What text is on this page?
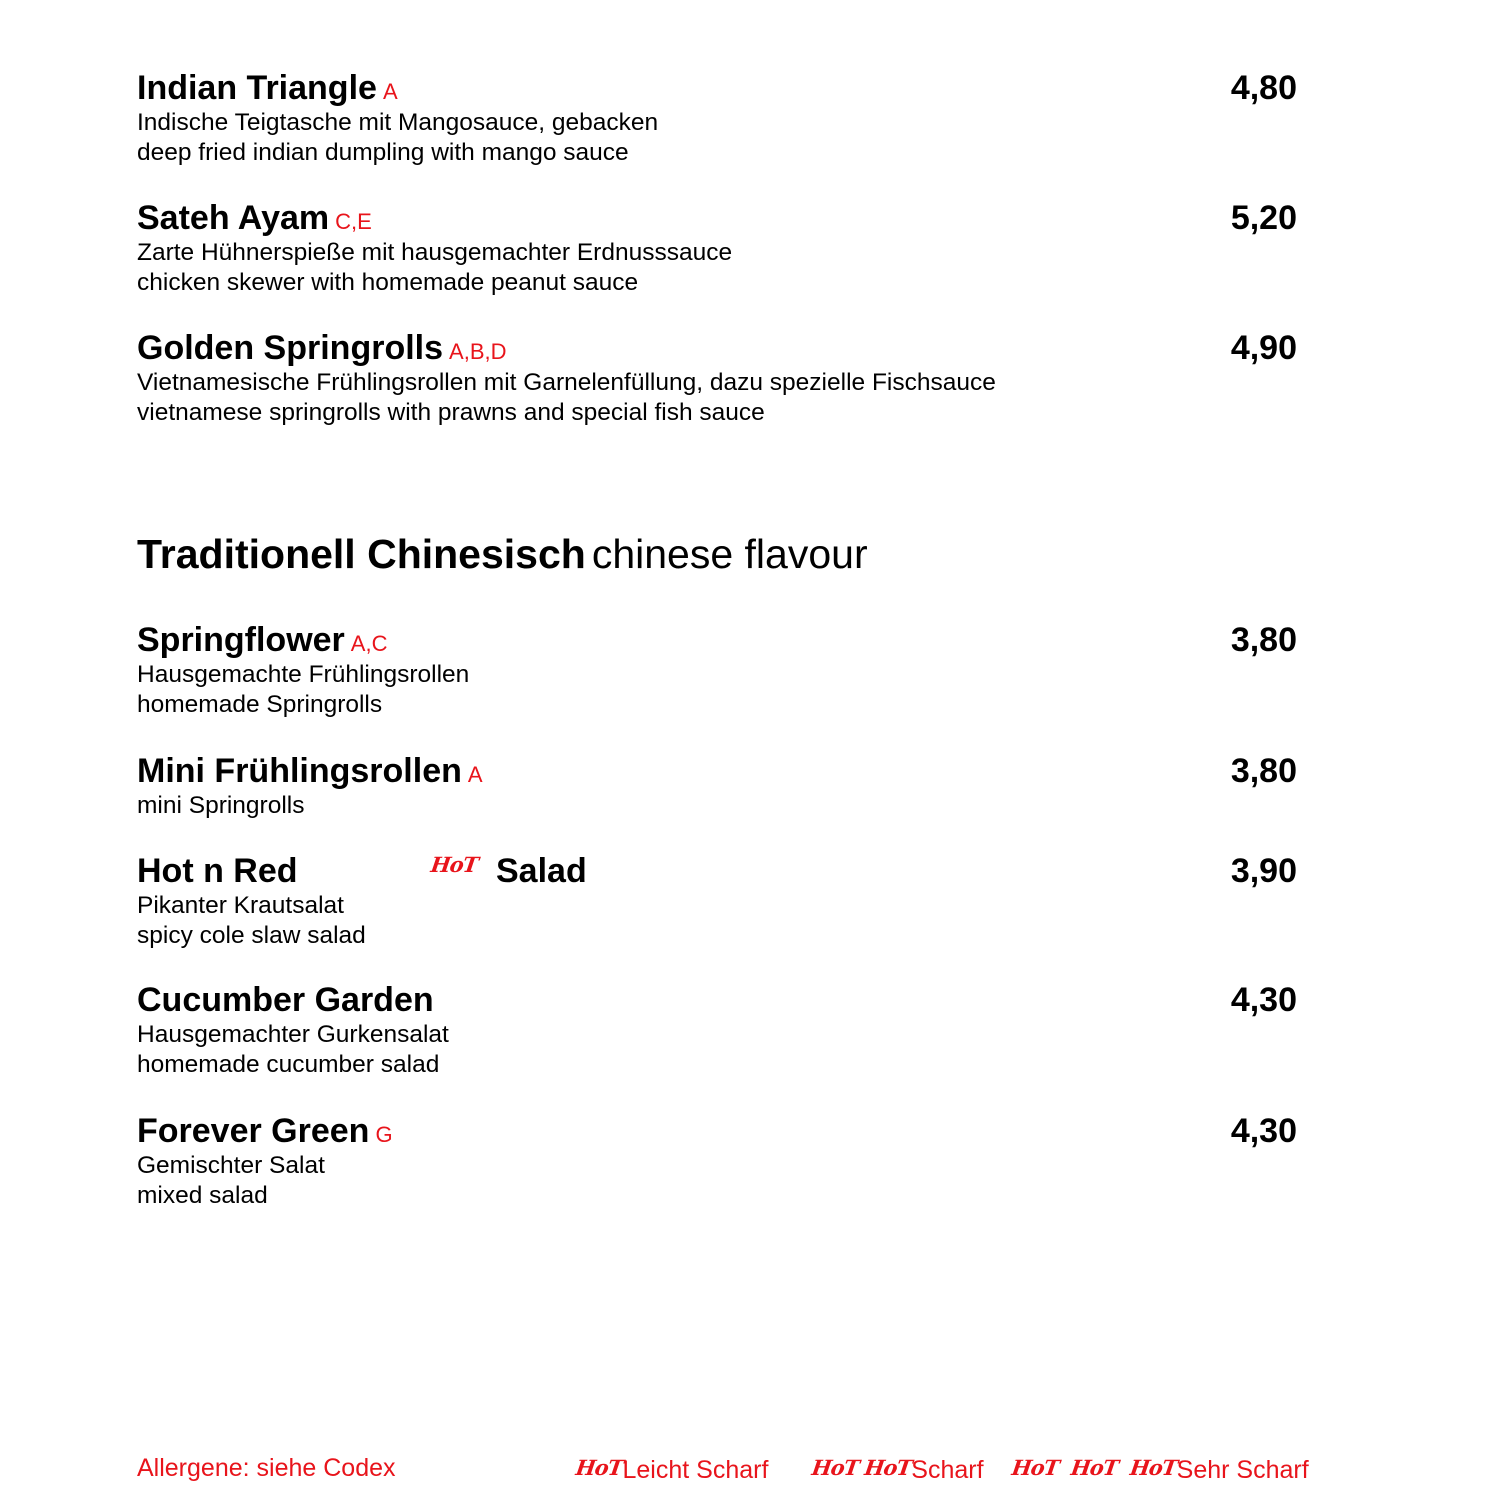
Indian Triangle A	4,80
Indische Teigtasche mit Mangosauce, gebacken
deep fried indian dumpling with mango sauce
Sateh Ayam C,E	5,20
Zarte Hühnerspieße mit hausgemachter Erdnusssauce
chicken skewer with homemade peanut sauce
Golden Springrolls A,B,D	4,90
Vietnamesische Frühlingsrollen mit Garnelenfüllung, dazu spezielle Fischsauce
vietnamese springrolls with prawns and special fish sauce
Traditionell Chinesisch chinese flavour
Springflower A,C	3,80
Hausgemachte Frühlingsrollen
homemade Springrolls
Mini Frühlingsrollen A	3,80
mini Springrolls
Hot n Red	HoT Salad	3,90
Pikanter Krautsalat
spicy cole slaw salad
Cucumber Garden	4,30
Hausgemachter Gurkensalat
homemade cucumber salad
Forever Green G	4,30
Gemischter Salat
mixed salad
Allergene: siehe Codex	HoTLeicht Scharf HoT HoTScharf HoT  HoT  HoTSehr Scharf
